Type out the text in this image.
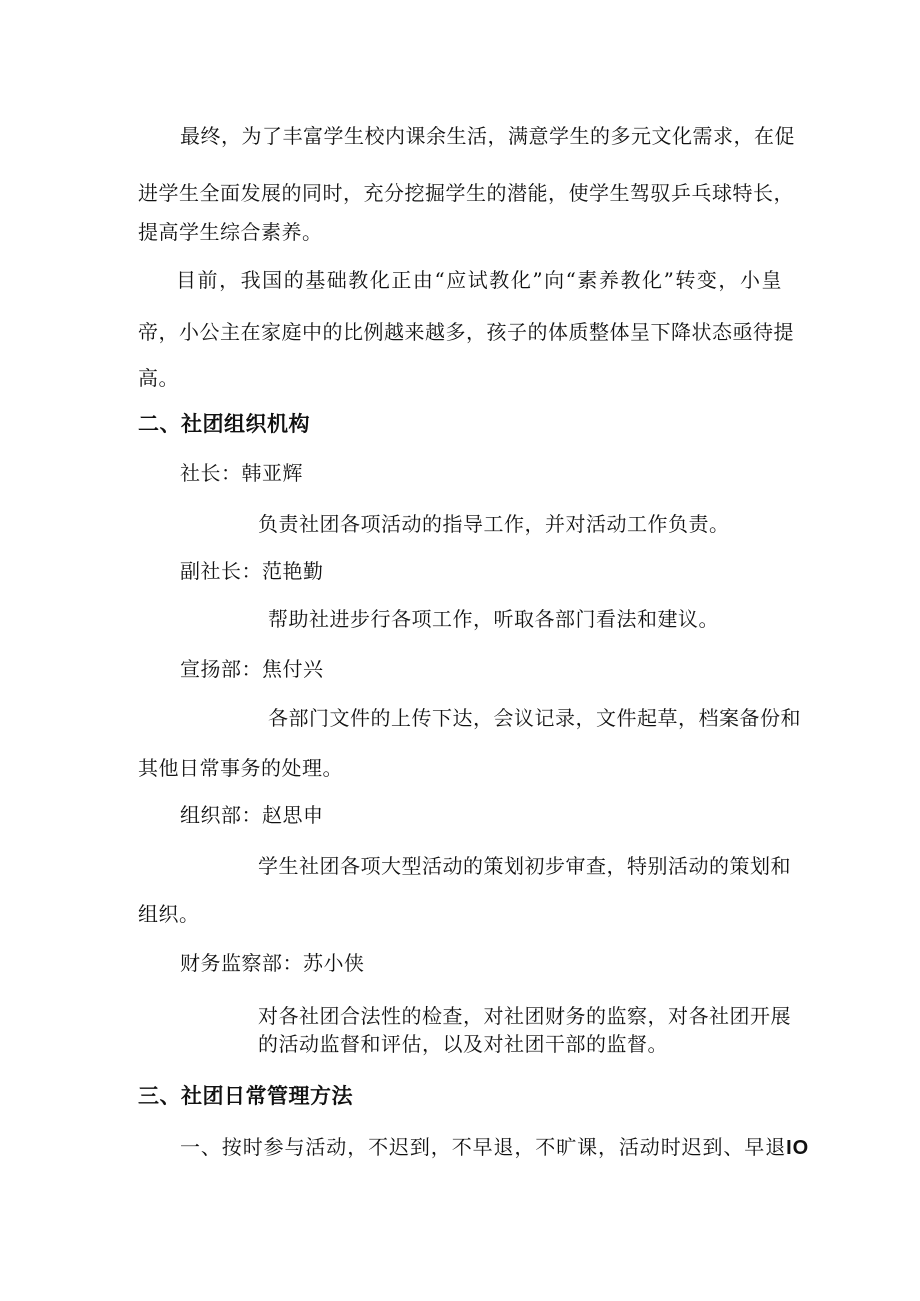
最终，为了丰富学生校内课余生活，满意学生的多元文化需求，在促
进学生全面发展的同时，充分挖掘学生的潜能，使学生驾驭乒乓球特长，
提高学生综合素养。
目前，我国的基础教化正由“应试教化”向“素养教化”转变，小皇
帝，小公主在家庭中的比例越来越多，孩子的体质整体呈下降状态亟待提
高。
二、社团组织机构
社长：韩亚辉
负责社团各项活动的指导工作，并对活动工作负责。
副社长：范艳勤
帮助社进步行各项工作，听取各部门看法和建议。
宣扬部：焦付兴
各部门文件的上传下达，会议记录，文件起草，档案备份和
其他日常事务的处理。
组织部：赵思申
学生社团各项大型活动的策划初步审查，特别活动的策划和
组织。
财务监察部：苏小侠
对各社团合法性的检查，对社团财务的监察，对各社团开展
的活动监督和评估，以及对社团干部的监督。
三、社团日常管理方法
一、按时参与活动，不迟到，不早退，不旷课，活动时迟到、早退IO
